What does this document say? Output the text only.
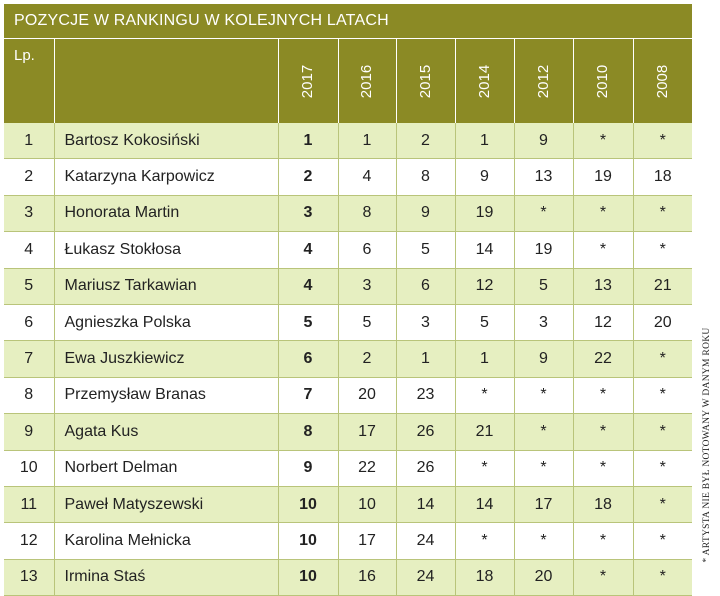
POZYCJE W RANKINGU W KOLEJNYCH LATACH
Lp.		2017	2016	2015	2014	2012	2010	2008
1	Bartosz Kokosiński	1	1	2	1	9	*	*
2	Katarzyna Karpowicz	2	4	8	9	13	19	18
3	Honorata Martin	3	8	9	19	*	*	*
4	Łukasz Stokłosa	4	6	5	14	19	*	*
5	Mariusz Tarkawian	4	3	6	12	5	13	21
6	Agnieszka Polska	5	5	3	5	3	12	20
7	Ewa Juszkiewicz	6	2	1	1	9	22	*
8	Przemysław Branas	7	20	23	*	*	*	*
9	Agata Kus	8	17	26	21	*	*	*
10	Norbert Delman	9	22	26	*	*	*	*
11	Paweł Matyszewski	10	10	14	14	17	18	*
12	Karolina Mełnicka	10	17	24	*	*	*	*
13	Irmina Staś	10	16	24	18	20	*	*
* ARTYSTA NIE BYŁ NOTOWANY W DANYM ROKU
